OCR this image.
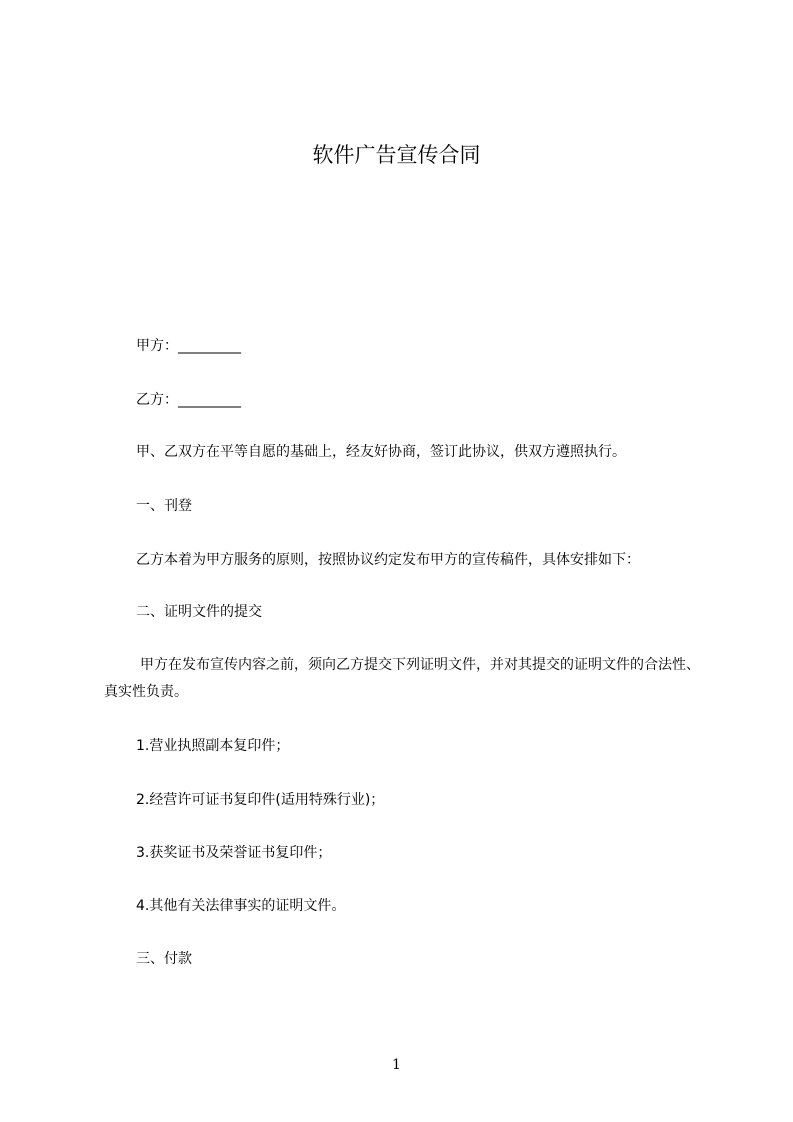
软件广告宣传合同
甲方：_________
乙方：_________
甲、乙双方在平等自愿的基础上，经友好协商，签订此协议，供双方遵照执行。
一、刊登
乙方本着为甲方服务的原则，按照协议约定发布甲方的宣传稿件，具体安排如下：
二、证明文件的提交
甲方在发布宣传内容之前，须向乙方提交下列证明文件，并对其提交的证明文件的合法性、真实性负责。
1.营业执照副本复印件；
2.经营许可证书复印件(适用特殊行业)；
3.获奖证书及荣誉证书复印件；
4.其他有关法律事实的证明文件。
三、付款
1
